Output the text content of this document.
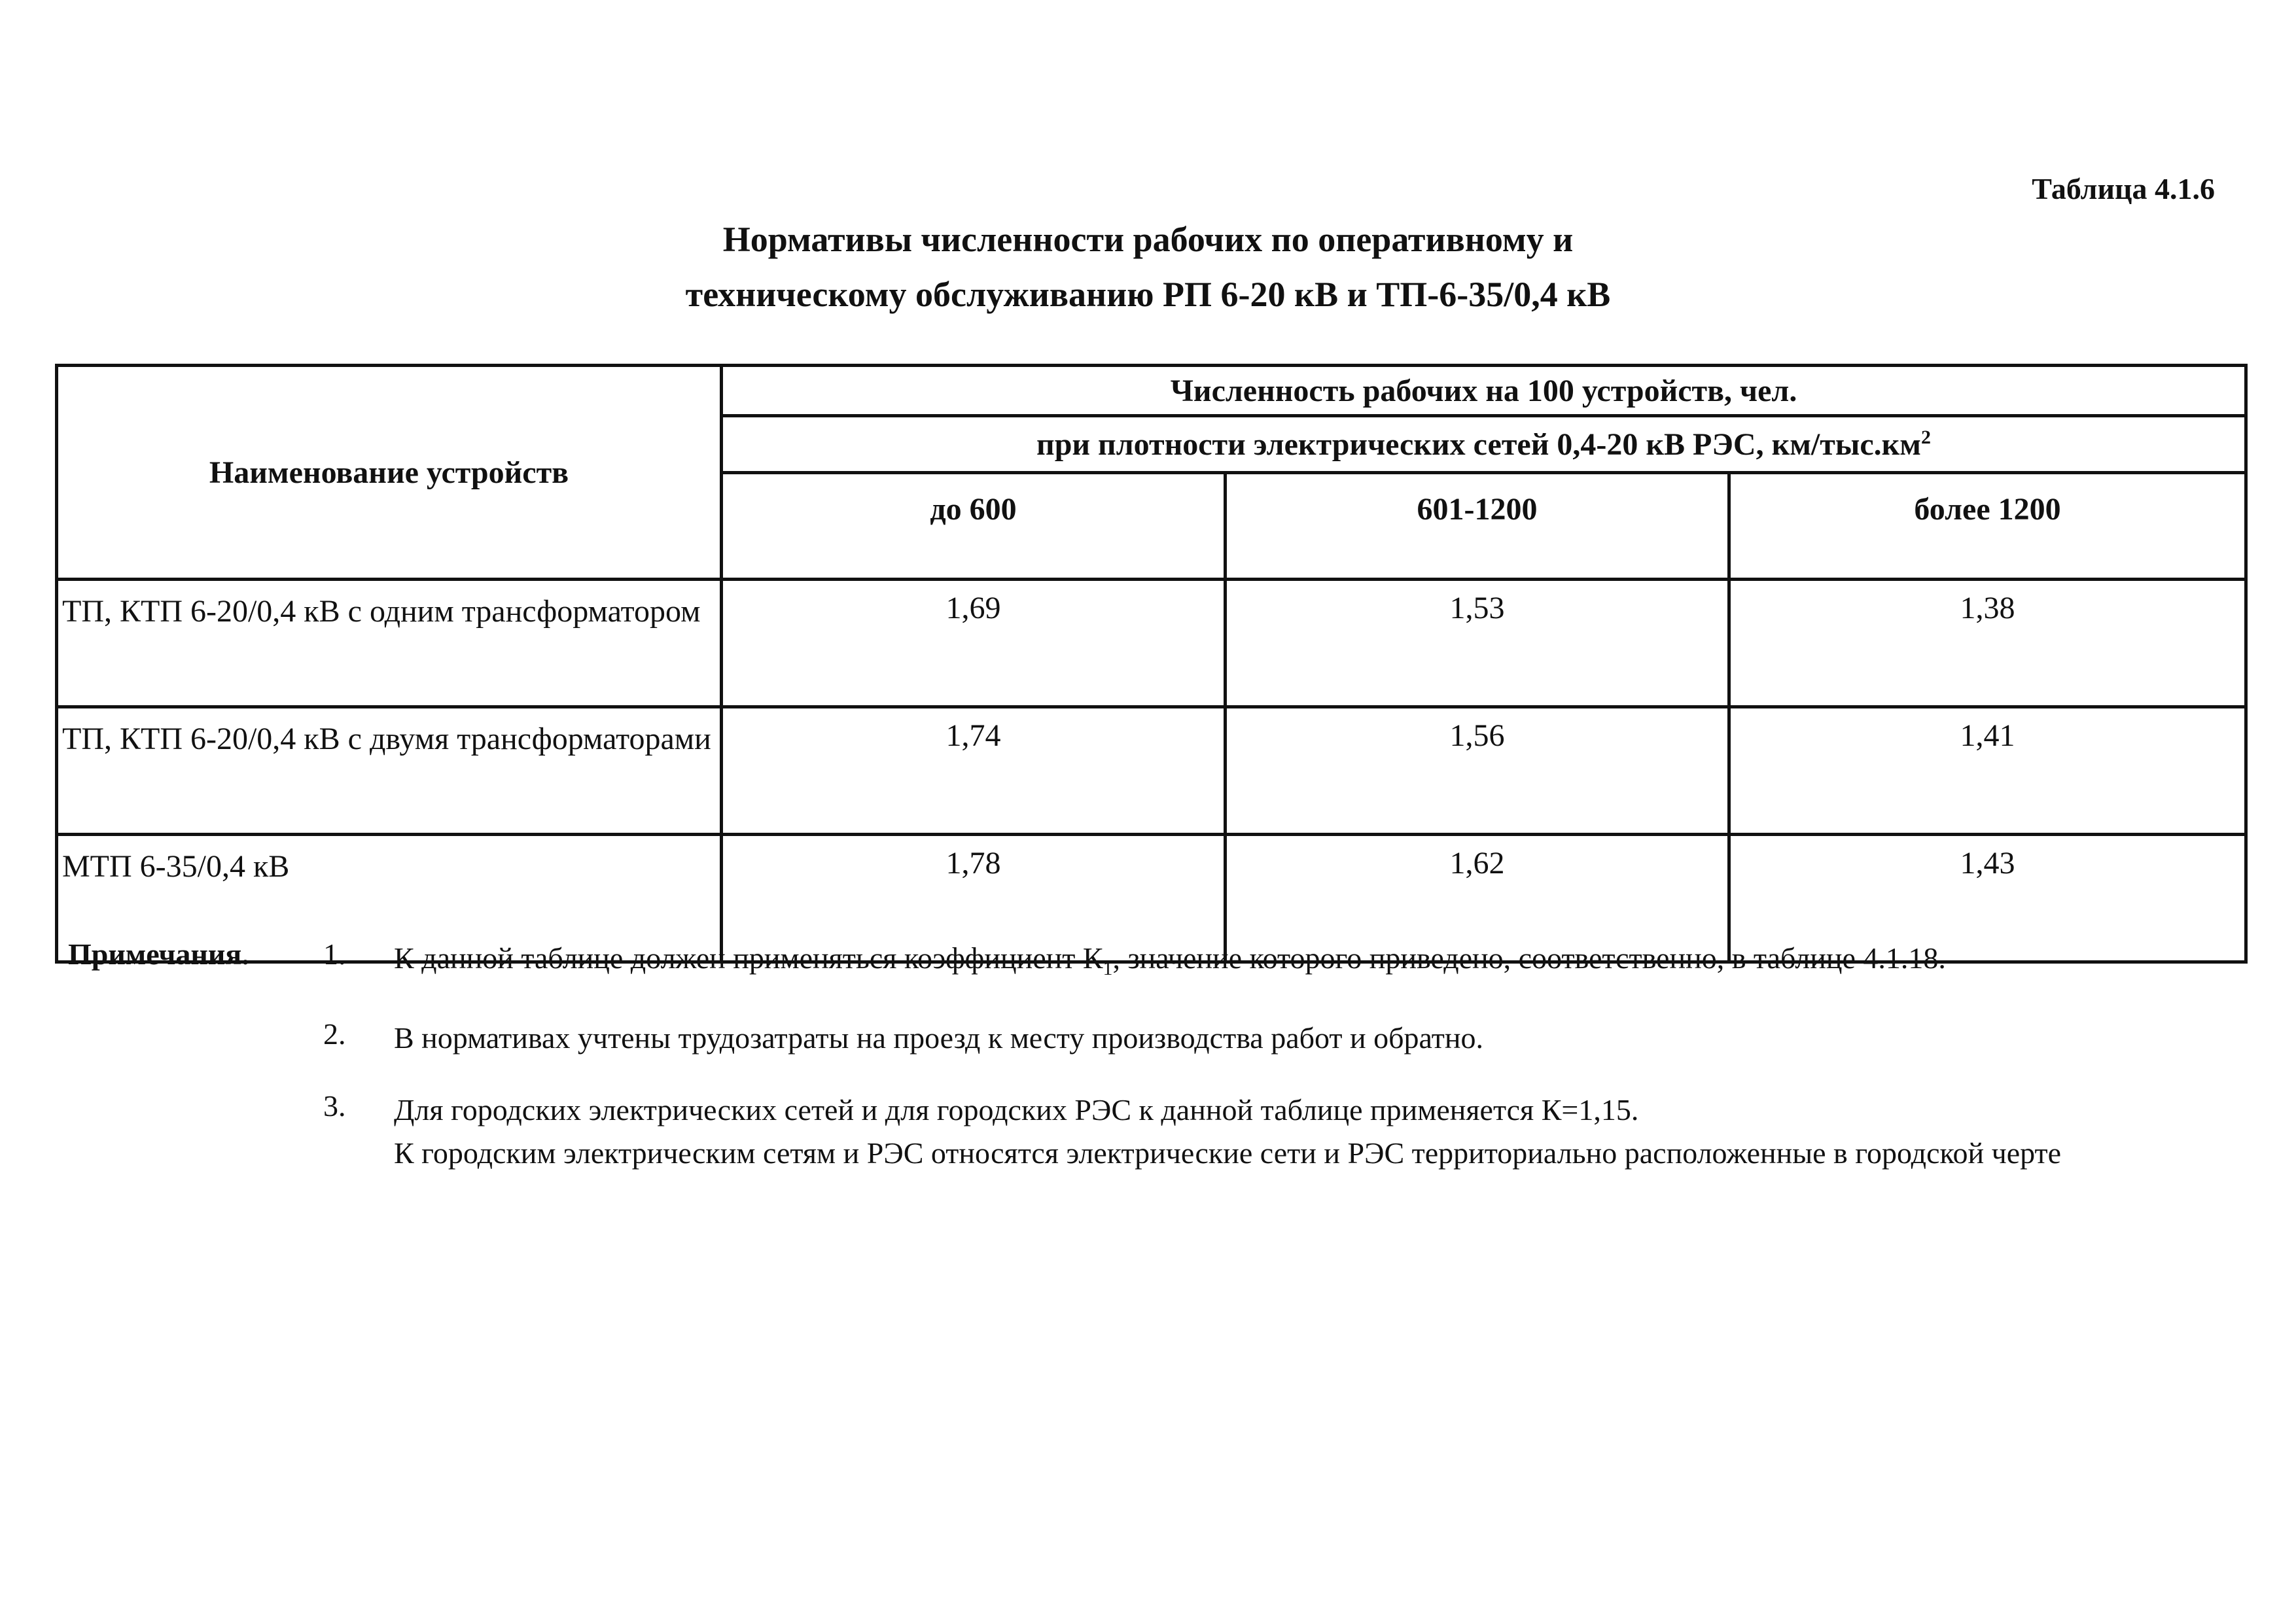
Таблица 4.1.6
Нормативы численности рабочих по оперативному и
техническому обслуживанию РП 6-20 кВ и ТП-6-35/0,4 кВ
Наименование устройств	Численность рабочих на 100 устройств, чел.		
	при плотности электрических сетей 0,4-20 кВ РЭС, $км/тыс.км^2$
	до 600	601-1200	более 1200
ТП, КТП 6-20/0,4 кВ с одним трансформатором	1,69	1,53	1,38
ТП, КТП 6-20/0,4 кВ с двумя трансформаторами	1,74	1,56	1,41
МТП 6-35/0,4 кВ	1,78	1,62	1,43
Примечания. 1. К данной таблице должен применяться коэффициент $К_1$, значение которого приведено, соответственно, в таблице 4.1.18.
2. В нормативах учтены трудозатраты на проезд к месту производства работ и обратно.
3. Для городских электрических сетей и для городских РЭС к данной таблице применяется К=1,15.

К городским электрическим сетям и РЭС относятся электрические сети и РЭС территориально расположенные в городской черте
